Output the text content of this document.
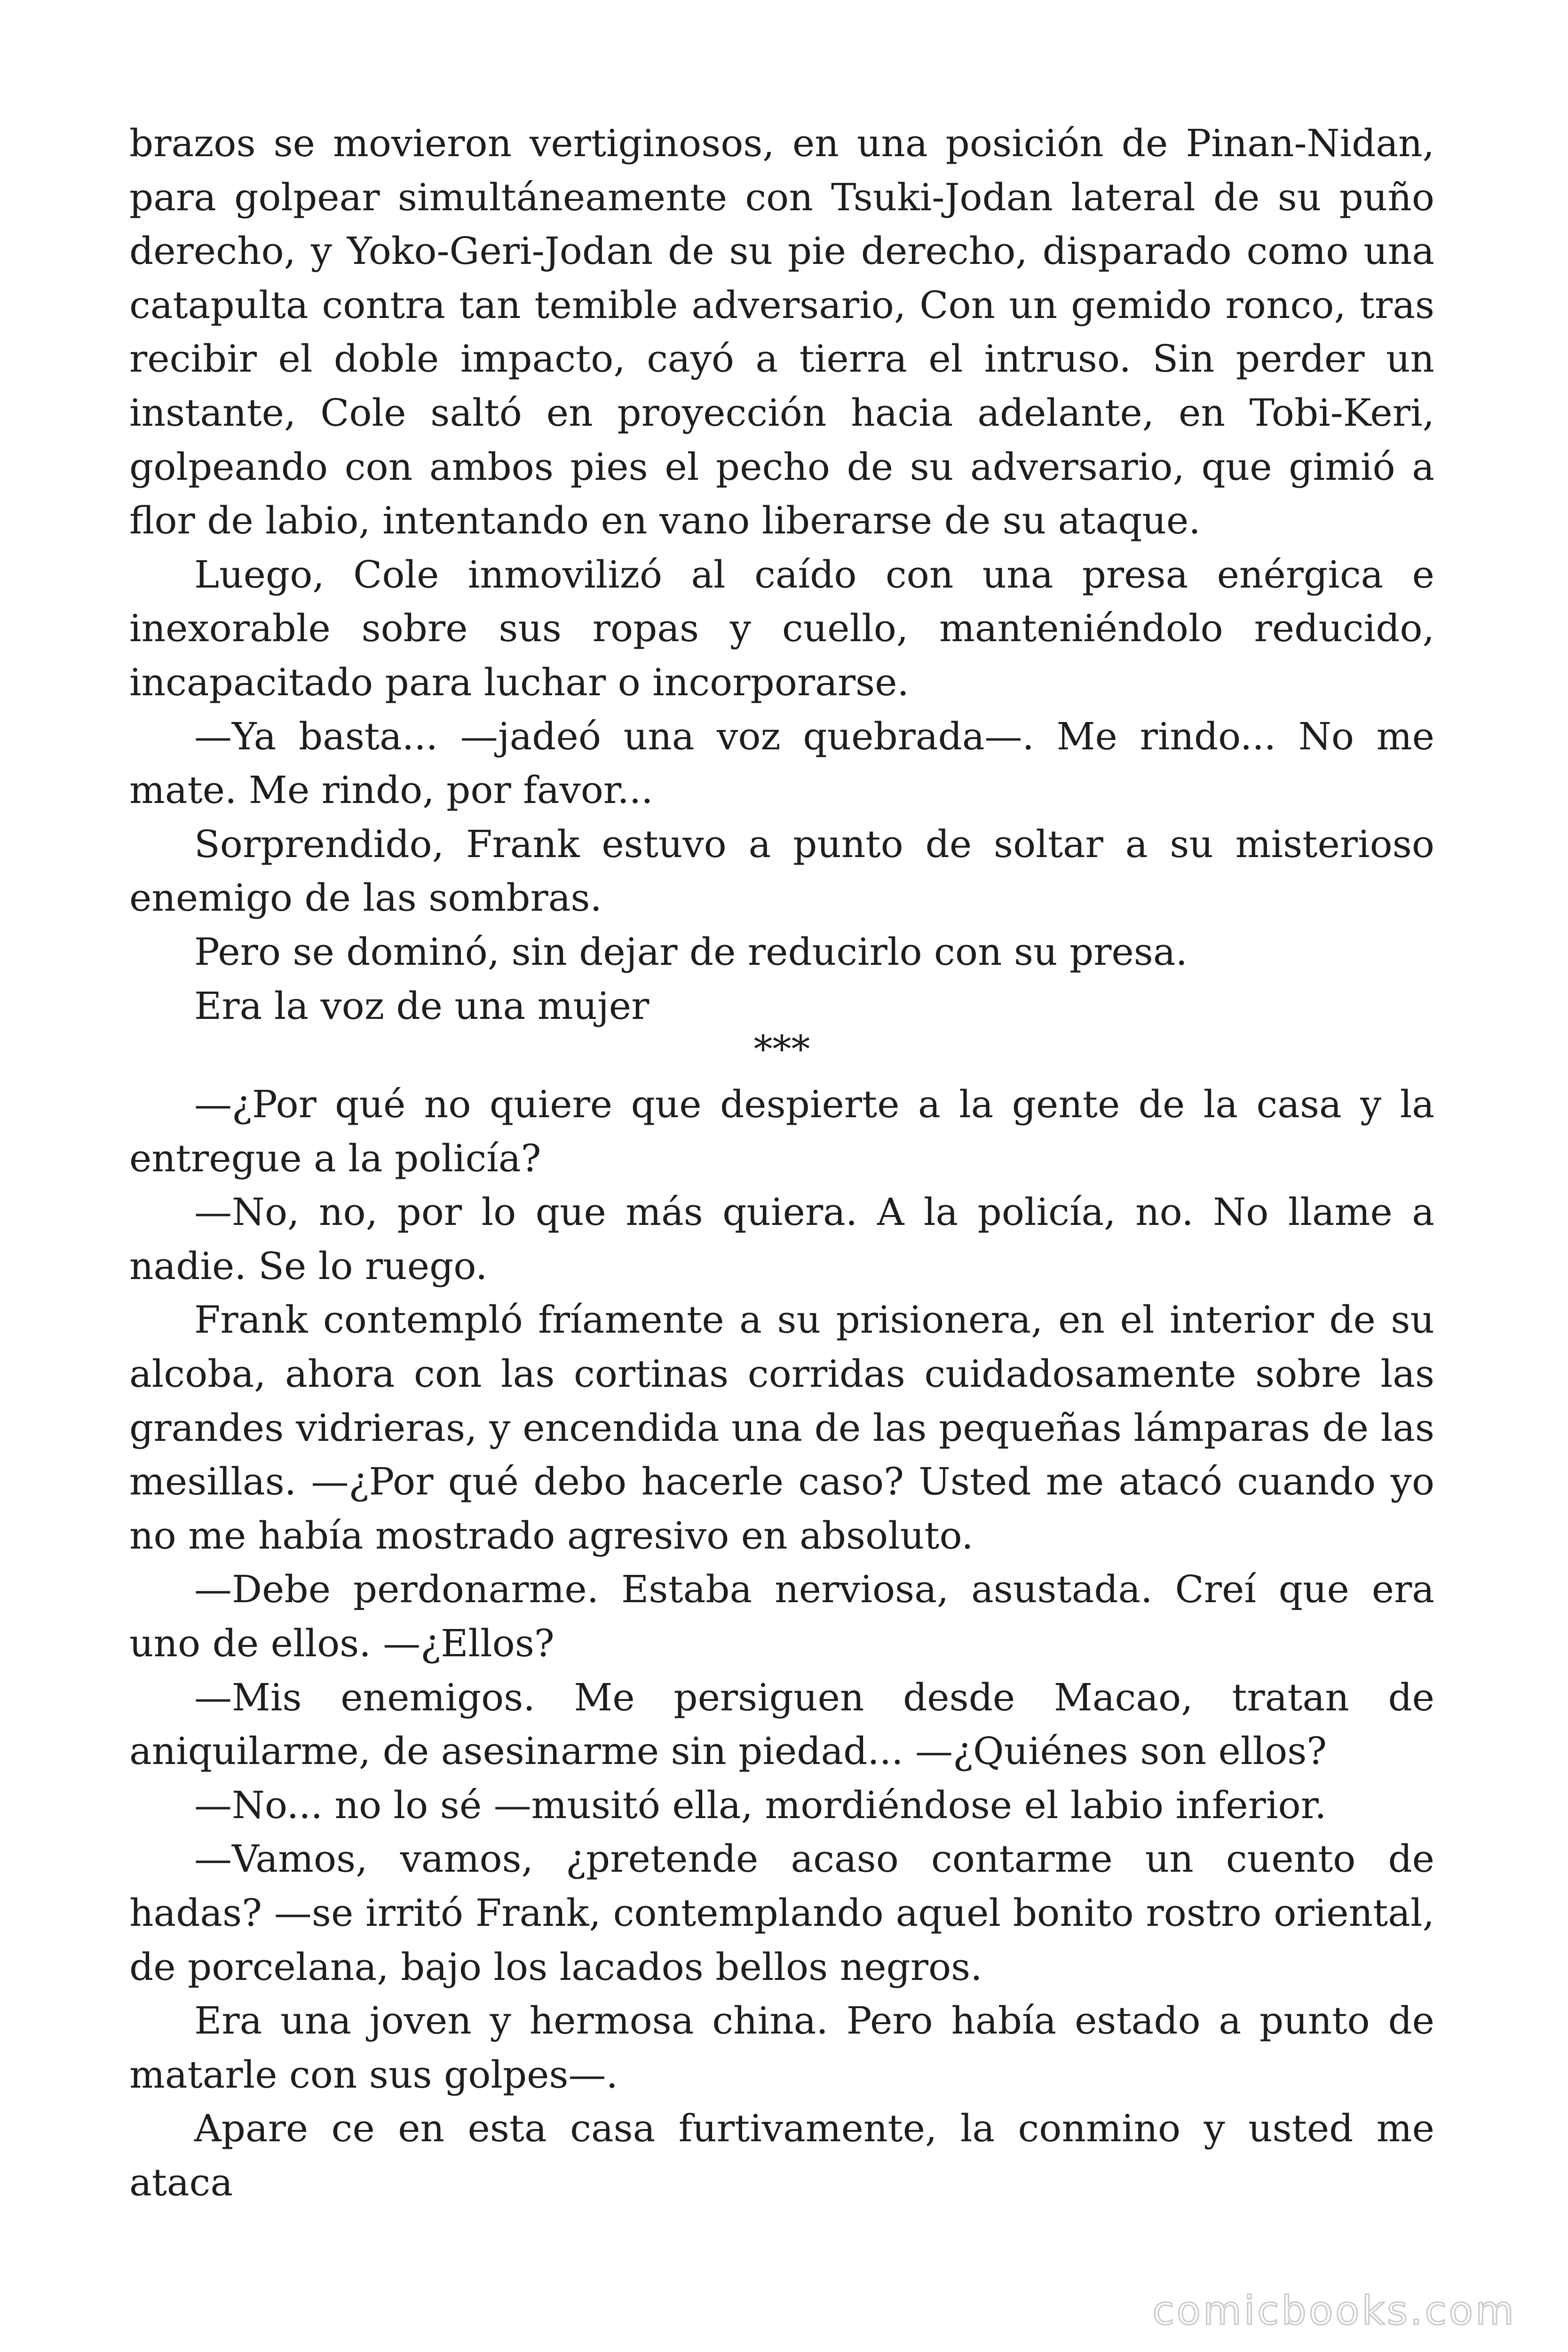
brazos se movieron vertiginosos, en una posición de Pinan-Nidan, para golpear simultáneamente con Tsuki-Jodan lateral de su puño derecho, y Yoko-Geri-Jodan de su pie derecho, disparado como una catapulta contra tan temible adversario, Con un gemido ronco, tras recibir el doble impacto, cayó a tierra el intruso. Sin perder un instante, Cole saltó en proyección hacia adelante, en Tobi-Keri, golpeando con ambos pies el pecho de su adversario, que gimió a flor de labio, intentando en vano liberarse de su ataque.

Luego, Cole inmovilizó al caído con una presa enérgica e inexorable sobre sus ropas y cuello, manteniéndolo reducido, incapacitado para luchar o incorporarse.

—Ya basta... —jadeó una voz quebrada—. Me rindo... No me mate. Me rindo, por favor...

Sorprendido, Frank estuvo a punto de soltar a su misterioso enemigo de las sombras.

Pero se dominó, sin dejar de reducirlo con su presa.

Era la voz de una mujer

***

—¿Por qué no quiere que despierte a la gente de la casa y la entregue a la policía?

—No, no, por lo que más quiera. A la policía, no. No llame a nadie. Se lo ruego.

Frank contempló fríamente a su prisionera, en el interior de su alcoba, ahora con las cortinas corridas cuidadosamente sobre las grandes vidrieras, y encendida una de las pequeñas lámparas de las mesillas. —¿Por qué debo hacerle caso? Usted me atacó cuando yo no me había mostrado agresivo en absoluto.

—Debe perdonarme. Estaba nerviosa, asustada. Creí que era uno de ellos. —¿Ellos?

—Mis enemigos. Me persiguen desde Macao, tratan de aniquilarme, de asesinarme sin piedad... —¿Quiénes son ellos?

—No... no lo sé —musitó ella, mordiéndose el labio inferior.

—Vamos, vamos, ¿pretende acaso contarme un cuento de hadas? —se irritó Frank, contemplando aquel bonito rostro oriental, de porcelana, bajo los lacados bellos negros.

Era una joven y hermosa china. Pero había estado a punto de matarle con sus golpes—.

Apare ce en esta casa furtivamente, la conmino y usted me ataca

comicbooks.com
